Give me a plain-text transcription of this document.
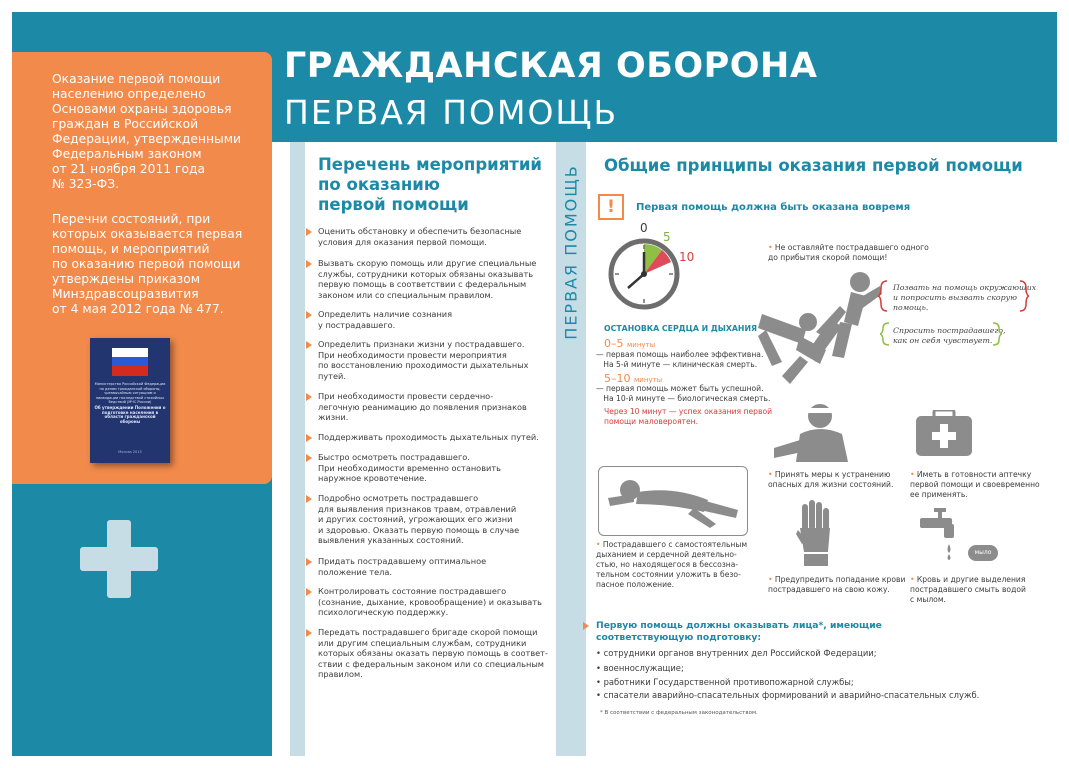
ГРАЖДАНСКАЯ ОБОРОНА
ПЕРВАЯ ПОМОЩЬ
Оказание первой помощи
населению определено
Основами охраны здоровья
граждан в Российской
Федерации, утвержденными
Федеральным законом
от 21 ноября 2011 года
№ 323-ФЗ.
Перечни состояний, при
которых оказывается первая
помощь, и мероприятий
по оказанию первой помощи
утверждены приказом
Минздравсоцразвития
от 4 мая 2012 года № 477.
Министерство Российской Федерации по делам гражданской обороны, чрезвычайным ситуациям и ликвидации последствий стихийных бедствий (МЧС России)
Об утверждении Положения о подготовке населения в области гражданской обороны
Москва 2015
ПЕРВАЯ ПОМОЩЬ
Перечень мероприятий
по оказанию
первой помощи
Оценить обстановку и обеспечить безопасные
условия для оказания первой помощи.
Вызвать скорую помощь или другие специальные
службы, сотрудники которых обязаны оказывать
первую помощь в соответствии с федеральным
законом или со специальным правилом.
Определить наличие сознания
у пострадавшего.
Определить признаки жизни у пострадавшего.
При необходимости провести мероприятия
по восстановлению проходимости дыхательных
путей.
При необходимости провести сердечно-
легочную реанимацию до появления признаков
жизни.
Поддерживать проходимость дыхательных путей.
Быстро осмотреть пострадавшего.
При необходимости временно остановить
наружное кровотечение.
Подробно осмотреть пострадавшего
для выявления признаков травм, отравлений
и других состояний, угрожающих его жизни
и здоровью. Оказать первую помощь в случае
выявления указанных состояний.
Придать пострадавшему оптимальное
положение тела.
Контролировать состояние пострадавшего
(сознание, дыхание, кровообращение) и оказывать
психологическую поддержку.
Передать пострадавшего бригаде скорой помощи
или другим специальным службам, сотрудники
которых обязаны оказать первую помощь в соответ-
ствии с федеральным законом или со специальным
правилом.
Общие принципы оказания первой помощи
!	Первая помощь должна быть оказана вовремя
0
5
10
ОСТАНОВКА СЕРДЦА И ДЫХАНИЯ
0–5 минуты
— первая помощь наиболее эффективна.
На 5-й минуте — клиническая смерть.
5–10 минуты
— первая помощь может быть успешной.
На 10-й минуте — биологическая смерть.
Через 10 минут — успех оказания первой
помощи маловероятен.
• Не оставляйте пострадавшего одного
до прибытия скорой помощи!
Позвать на помощь окружающих
и попросить вызвать скорую
помощь.
Спросить пострадавшего,
как он себя чувствует.
• Принять меры к устранению
опасных для жизни состояний.
• Иметь в готовности аптечку
первой помощи и своевременно
ее применять.
• Пострадавшего с самостоятельным
дыханием и сердечной деятельно-
стью, но находящегося в бессозна-
тельном состоянии уложить в безо-
пасное положение.
• Предупредить попадание крови
пострадавшего на свою кожу.
мыло
• Кровь и другие выделения
пострадавшего смыть водой
с мылом.
Первую помощь должны оказывать лица*, имеющие
соответствующую подготовку:
• сотрудники органов внутренних дел Российской Федерации;
• военнослужащие;
• работники Государственной противопожарной службы;
• спасатели аварийно-спасательных формирований и аварийно-спасательных служб.
* В соответствии с федеральным законодательством.
